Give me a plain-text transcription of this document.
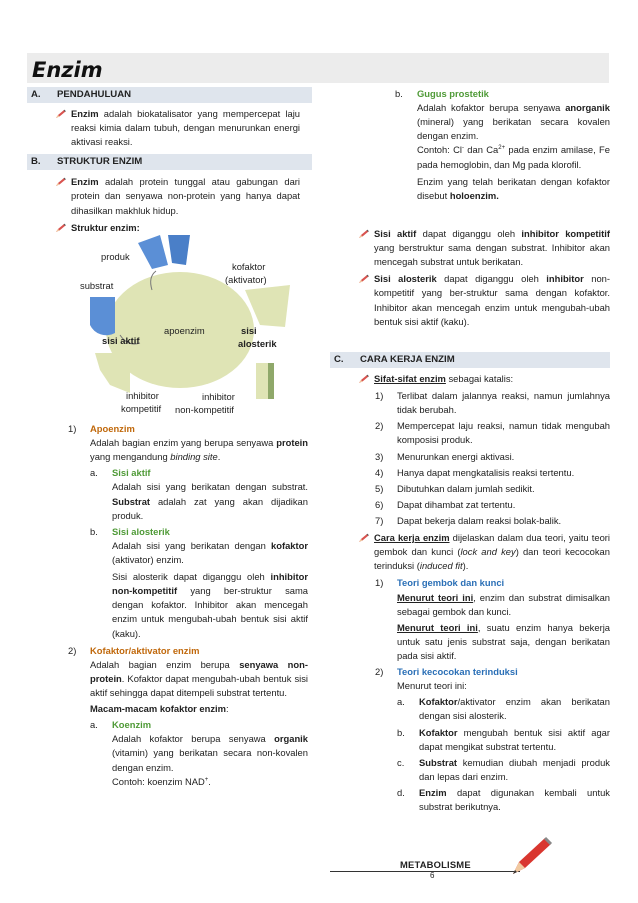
Enzim
A.	PENDAHULUAN
Enzim adalah biokatalisator yang mempercepat laju reaksi kimia dalam tubuh, dengan menurunkan energi aktivasi reaksi.
B.	STRUKTUR ENZIM
Enzim adalah protein tunggal atau gabungan dari protein dan senyawa non-protein yang hanya dapat dihasilkan makhluk hidup.
Struktur enzim:
produk
substrat
kofaktor
(aktivator)
apoenzim
sisi aktif
sisi
alosterik
inhibitor
kompetitif
inhibitor
non-kompetitif
1) Apoenzim
Adalah bagian enzim yang berupa senyawa protein yang mengandung binding site.
a. Sisi aktif
Adalah sisi yang berikatan dengan substrat. Substrat adalah zat yang akan dijadikan produk.
b. Sisi alosterik
Adalah sisi yang berikatan dengan kofaktor (aktivator) enzim.
Sisi alosterik dapat diganggu oleh inhibitor non-kompetitif yang ber-struktur sama dengan kofaktor. Inhibitor akan mencegah enzim untuk mengubah-ubah bentuk sisi aktif (kaku).
2) Kofaktor/aktivator enzim
Adalah bagian enzim berupa senyawa non-protein. Kofaktor dapat mengubah-ubah bentuk sisi aktif sehingga dapat ditempeli substrat tertentu.
Macam-macam kofaktor enzim:
a. Koenzim
Adalah kofaktor berupa senyawa organik (vitamin) yang berikatan secara non-kovalen dengan enzim.
Contoh: koenzim NAD+.
b. Gugus prostetik
Adalah kofaktor berupa senyawa anorganik (mineral) yang berikatan secara kovalen dengan enzim.
Contoh: Cl- dan $Ca^{2+}$ pada enzim amilase, Fe pada hemoglobin, dan Mg pada klorofil.
Enzim yang telah berikatan dengan kofaktor disebut holoenzim.
Sisi aktif dapat diganggu oleh inhibitor kompetitif yang berstruktur sama dengan substrat. Inhibitor akan mencegah substrat untuk berikatan.
Sisi alosterik dapat diganggu oleh inhibitor non-kompetitif yang ber-struktur sama dengan kofaktor. Inhibitor akan mencegah enzim untuk mengubah-ubah bentuk sisi aktif (kaku).
C.	CARA KERJA ENZIM
Sifat-sifat enzim sebagai katalis:
1) Terlibat dalam jalannya reaksi, namun jumlahnya tidak berubah.
2) Mempercepat laju reaksi, namun tidak mengubah komposisi produk.
3) Menurunkan energi aktivasi.
4) Hanya dapat mengkatalisis reaksi tertentu.
5) Dibutuhkan dalam jumlah sedikit.
6) Dapat dihambat zat tertentu.
7) Dapat bekerja dalam reaksi bolak-balik.
Cara kerja enzim dijelaskan dalam dua teori, yaitu teori gembok dan kunci (lock and key) dan teori kecocokan terinduksi (induced fit).
1) Teori gembok dan kunci
Menurut teori ini, enzim dan substrat dimisalkan sebagai gembok dan kunci.
Menurut teori ini, suatu enzim hanya bekerja untuk satu jenis substrat saja, dengan berikatan pada sisi aktif.
2) Teori kecocokan terinduksi
Menurut teori ini:
a. Kofaktor/aktivator enzim akan berikatan dengan sisi alosterik.
b. Kofaktor mengubah bentuk sisi aktif agar dapat mengikat substrat tertentu.
c. Substrat kemudian diubah menjadi produk dan lepas dari enzim.
d. Enzim dapat digunakan kembali untuk substrat berikutnya.
METABOLISME
6
